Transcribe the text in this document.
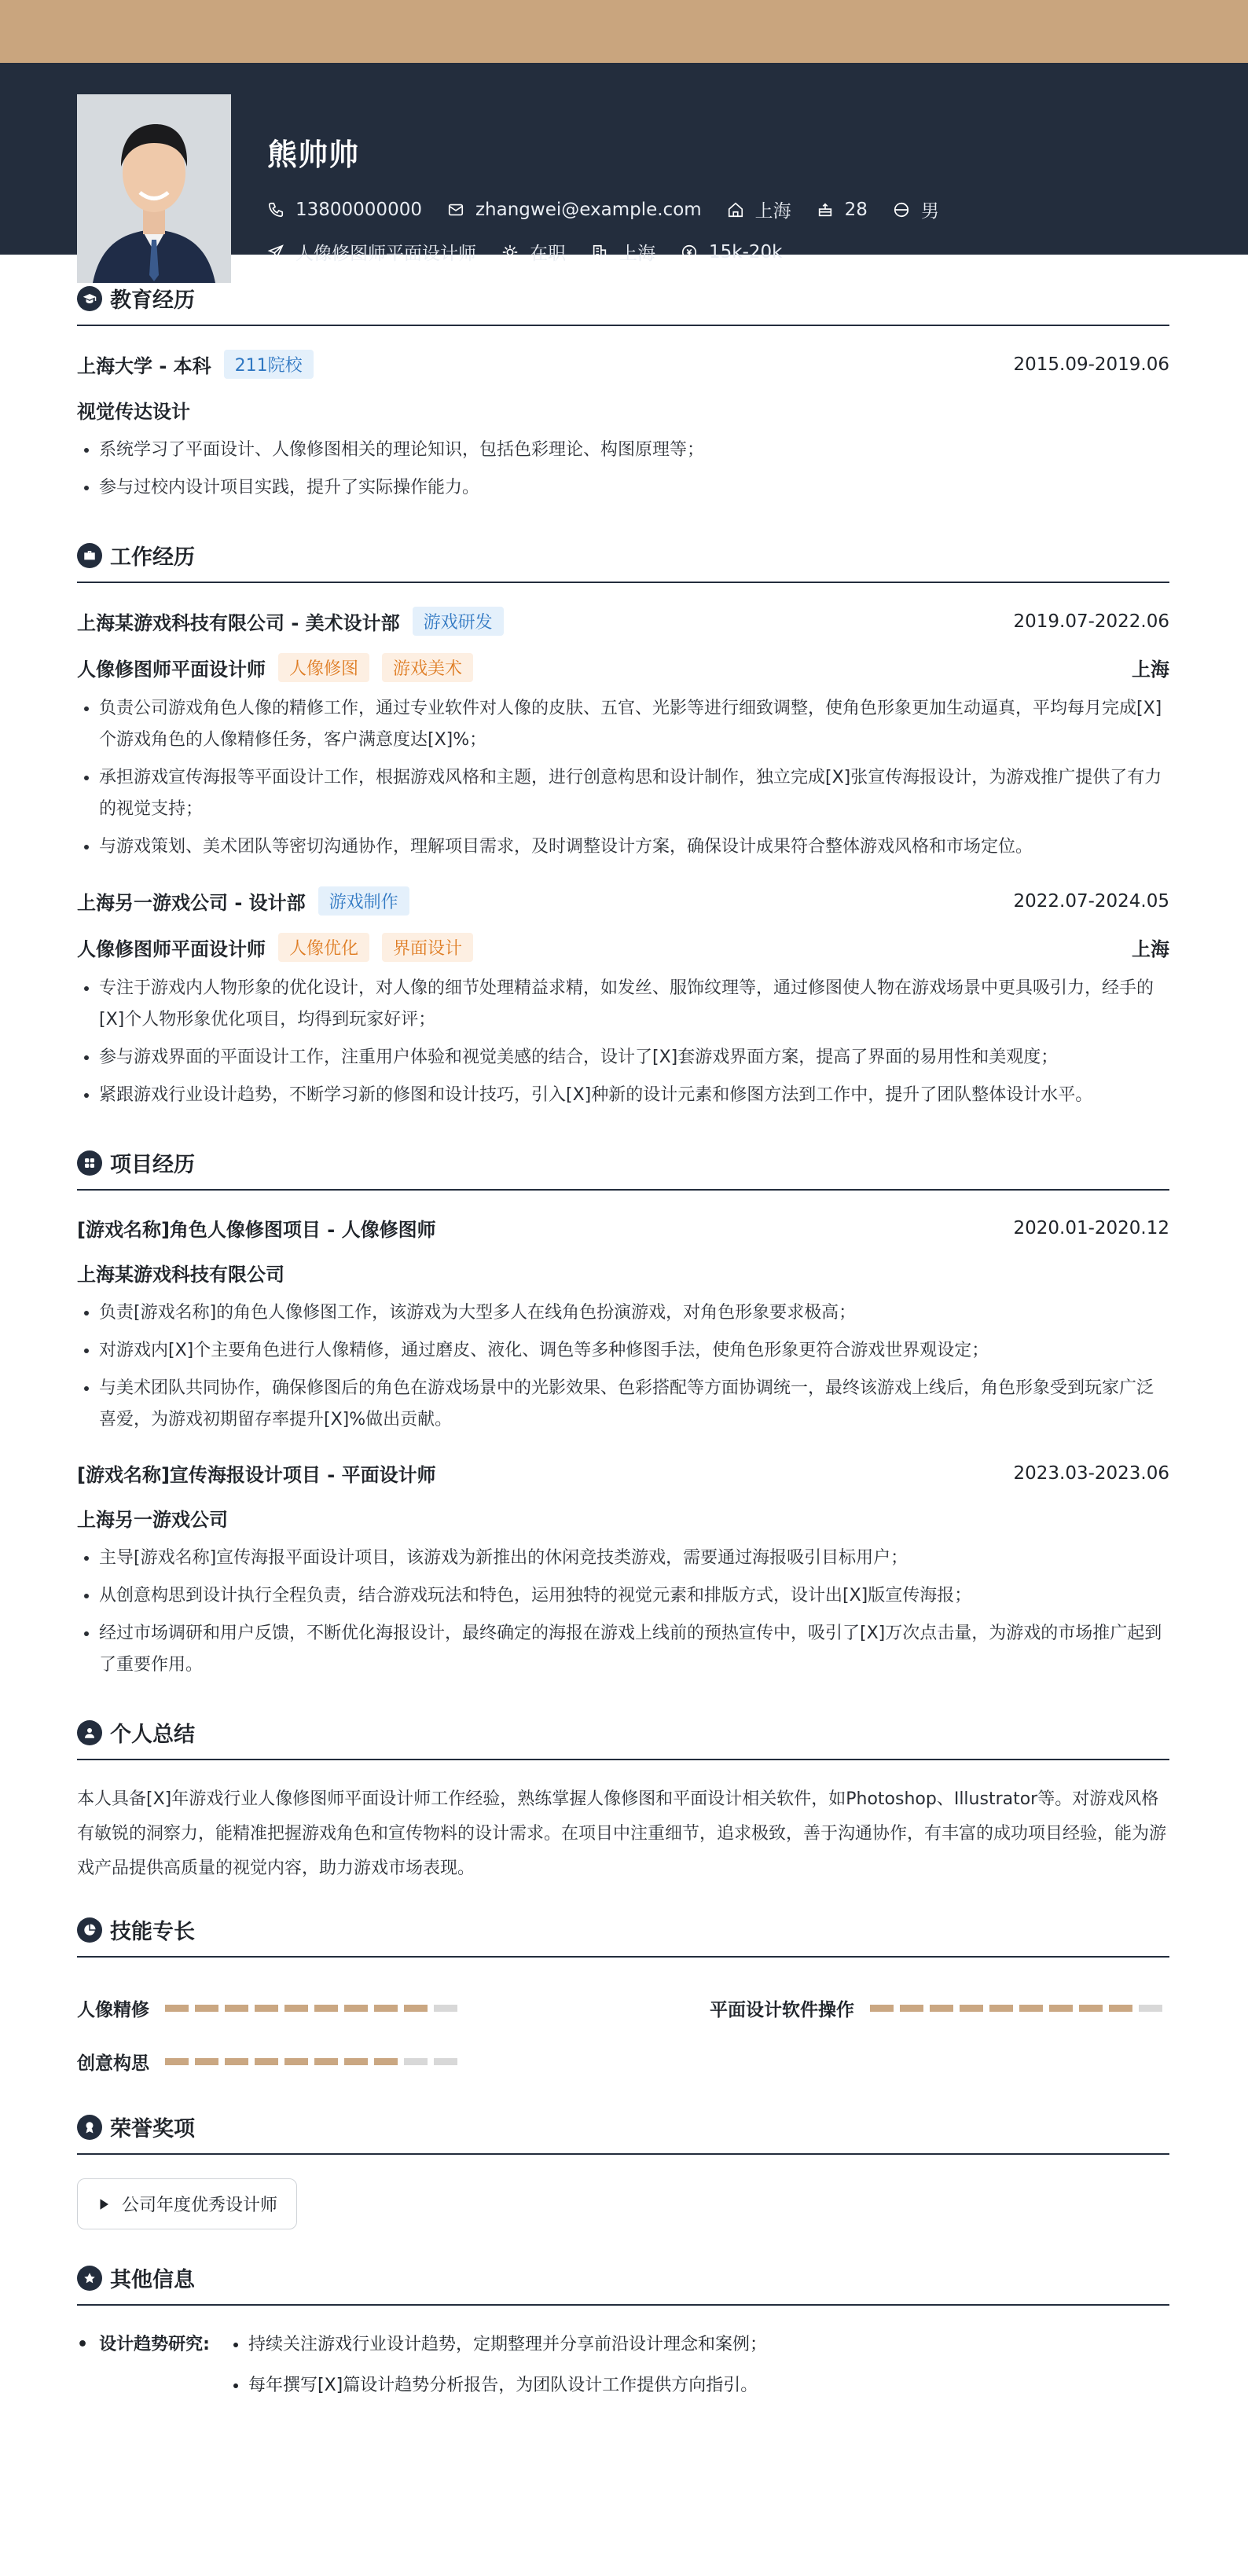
熊帅帅
13800000000	zhangwei@example.com	上海	28	男
人像修图师平面设计师	在职	上海	15k-20k
教育经历
上海大学 - 本科	211院校	2015.09-2019.06
视觉传达设计
• 系统学习了平面设计、人像修图相关的理论知识，包括色彩理论、构图原理等；
• 参与过校内设计项目实践，提升了实际操作能力。
工作经历
上海某游戏科技有限公司 - 美术设计部	游戏研发	2019.07-2022.06
人像修图师平面设计师	人像修图	游戏美术	上海
• 负责公司游戏角色人像的精修工作，通过专业软件对人像的皮肤、五官、光影等进行细致调整，使角色形象更加生动逼真，平均每月完成[X]个游戏角色的人像精修任务，客户满意度达[X]%；
• 承担游戏宣传海报等平面设计工作，根据游戏风格和主题，进行创意构思和设计制作，独立完成[X]张宣传海报设计，为游戏推广提供了有力的视觉支持；
• 与游戏策划、美术团队等密切沟通协作，理解项目需求，及时调整设计方案，确保设计成果符合整体游戏风格和市场定位。
上海另一游戏公司 - 设计部	游戏制作	2022.07-2024.05
人像修图师平面设计师	人像优化	界面设计	上海
• 专注于游戏内人物形象的优化设计，对人像的细节处理精益求精，如发丝、服饰纹理等，通过修图使人物在游戏场景中更具吸引力，经手的[X]个人物形象优化项目，均得到玩家好评；
• 参与游戏界面的平面设计工作，注重用户体验和视觉美感的结合，设计了[X]套游戏界面方案，提高了界面的易用性和美观度；
• 紧跟游戏行业设计趋势，不断学习新的修图和设计技巧，引入[X]种新的设计元素和修图方法到工作中，提升了团队整体设计水平。
项目经历
[游戏名称]角色人像修图项目 - 人像修图师	2020.01-2020.12
上海某游戏科技有限公司
• 负责[游戏名称]的角色人像修图工作，该游戏为大型多人在线角色扮演游戏，对角色形象要求极高；
• 对游戏内[X]个主要角色进行人像精修，通过磨皮、液化、调色等多种修图手法，使角色形象更符合游戏世界观设定；
• 与美术团队共同协作，确保修图后的角色在游戏场景中的光影效果、色彩搭配等方面协调统一，最终该游戏上线后，角色形象受到玩家广泛喜爱，为游戏初期留存率提升[X]%做出贡献。
[游戏名称]宣传海报设计项目 - 平面设计师	2023.03-2023.06
上海另一游戏公司
• 主导[游戏名称]宣传海报平面设计项目，该游戏为新推出的休闲竞技类游戏，需要通过海报吸引目标用户；
• 从创意构思到设计执行全程负责，结合游戏玩法和特色，运用独特的视觉元素和排版方式，设计出[X]版宣传海报；
• 经过市场调研和用户反馈，不断优化海报设计，最终确定的海报在游戏上线前的预热宣传中，吸引了[X]万次点击量，为游戏的市场推广起到了重要作用。
个人总结
本人具备[X]年游戏行业人像修图师平面设计师工作经验，熟练掌握人像修图和平面设计相关软件，如Photoshop、Illustrator等。对游戏风格有敏锐的洞察力，能精准把握游戏角色和宣传物料的设计需求。在项目中注重细节，追求极致，善于沟通协作，有丰富的成功项目经验，能为游戏产品提供高质量的视觉内容，助力游戏市场表现。
技能专长
人像精修	平面设计软件操作
创意构思
荣誉奖项
公司年度优秀设计师
其他信息
• 设计趋势研究:
•	持续关注游戏行业设计趋势，定期整理并分享前沿设计理念和案例；
• 每年撰写[X]篇设计趋势分析报告，为团队设计工作提供方向指引。
